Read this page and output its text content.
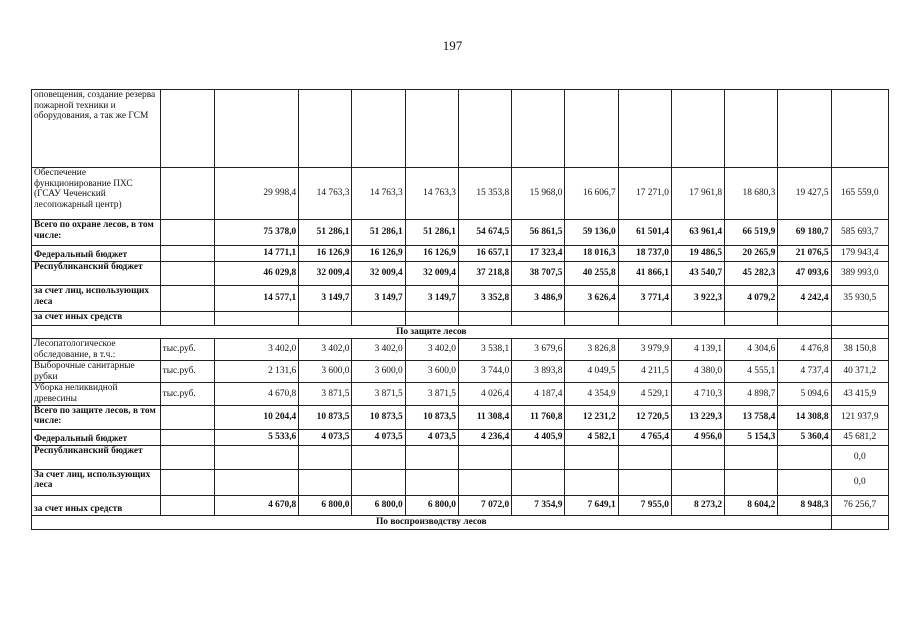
197
оповещения, создание резерва пожарной техники и оборудования, а так же ГСМ													
Обеспечение функционирование ПХС (ГСАУ Чеченский лесопожарный центр)		29 998,4	14 763,3	14 763,3	14 763,3	15 353,8	15 968,0	16 606,7	17 271,0	17 961,8	18 680,3	19 427,5	165 559,0
Всего по охране лесов, в том числе:		75 378,0	51 286,1	51 286,1	51 286,1	54 674,5	56 861,5	59 136,0	61 501,4	63 961,4	66 519,9	69 180,7	585 693,7
Федеральный бюджет		14 771,1	16 126,9	16 126,9	16 126,9	16 657,1	17 323,4	18 016,3	18 737,0	19 486,5	20 265,9	21 076,5	179 943,4
Республиканский бюджет		46 029,8	32 009,4	32 009,4	32 009,4	37 218,8	38 707,5	40 255,8	41 866,1	43 540,7	45 282,3	47 093,6	389 993,0
за счет лиц, использующих леса		14 577,1	3 149,7	3 149,7	3 149,7	3 352,8	3 486,9	3 626,4	3 771,4	3 922,3	4 079,2	4 242,4	35 930,5
за счет иных средств													
По защите лесов													
Лесопатологическое обследование, в т.ч.:	тыс.руб.	3 402,0	3 402,0	3 402,0	3 402,0	3 538,1	3 679,6	3 826,8	3 979,9	4 139,1	4 304,6	4 476,8	38 150,8
Выборочные санитарные рубки	тыс.руб.	2 131,6	3 600,0	3 600,0	3 600,0	3 744,0	3 893,8	4 049,5	4 211,5	4 380,0	4 555,1	4 737,4	40 371,2
Уборка неликвидной древесины	тыс.руб.	4 670,8	3 871,5	3 871,5	3 871,5	4 026,4	4 187,4	4 354,9	4 529,1	4 710,3	4 898,7	5 094,6	43 415,9
Всего по защите лесов, в том числе:		10 204,4	10 873,5	10 873,5	10 873,5	11 308,4	11 760,8	12 231,2	12 720,5	13 229,3	13 758,4	14 308,8	121 937,9
Федеральный бюджет		5 533,6	4 073,5	4 073,5	4 073,5	4 236,4	4 405,9	4 582,1	4 765,4	4 956,0	5 154,3	5 360,4	45 681,2
Республиканский бюджет													0,0
За счет лиц, использующих леса													0,0
за счет иных средств		4 670,8	6 800,0	6 800,0	6 800,0	7 072,0	7 354,9	7 649,1	7 955,0	8 273,2	8 604,2	8 948,3	76 256,7
По воспроизводству лесов													
